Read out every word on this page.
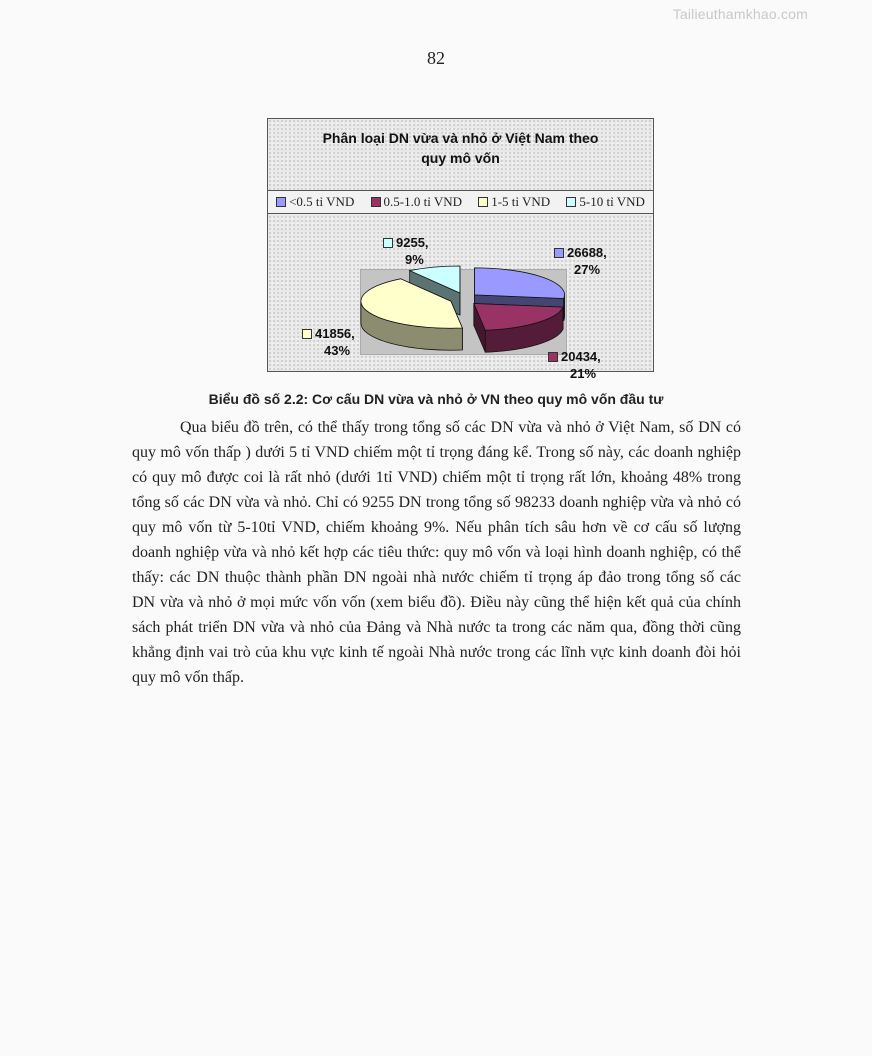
Tailieuthamkhao.com
82
Phân loại DN vừa và nhỏ ở Việt Nam theo
quy mô vốn
<0.5 tỉ VND 0.5-1.0 tỉ VND 1-5 tỉ VND 5-10 tỉ VND
9255,
9%	26688,
27%
41856,
43%	20434,
21%
Biểu đồ số 2.2: Cơ cấu DN vừa và nhỏ ở VN theo quy mô vốn đầu tư

Qua biểu đồ trên, có thể thấy trong tổng số các DN vừa và nhỏ ở Việt Nam, số DN có quy mô vốn thấp ) dưới 5 tỉ VND chiếm một tỉ trọng đáng kể. Trong số này, các doanh nghiệp có quy mô được coi là rất nhỏ (dưới 1tỉ VND) chiếm một tỉ trọng rất lớn, khoảng 48% trong tổng số các DN vừa và nhỏ. Chỉ có 9255 DN trong tổng số 98233 doanh nghiệp vừa và nhỏ có quy mô vốn từ 5-10tỉ VND, chiếm khoảng 9%. Nếu phân tích sâu hơn về cơ cấu số lượng doanh nghiệp vừa và nhỏ kết hợp các tiêu thức: quy mô vốn và loại hình doanh nghiệp, có thể thấy: các DN thuộc thành phần DN ngoài nhà nước chiếm tỉ trọng áp đảo trong tổng số các DN vừa và nhỏ ở mọi mức vốn vốn (xem biểu đồ). Điều này cũng thể hiện kết quả của chính sách phát triển DN vừa và nhỏ của Đảng và Nhà nước ta trong các năm qua, đồng thời cũng khẳng định vai trò của khu vực kinh tế ngoài Nhà nước trong các lĩnh vực kinh doanh đòi hỏi quy mô vốn thấp.
